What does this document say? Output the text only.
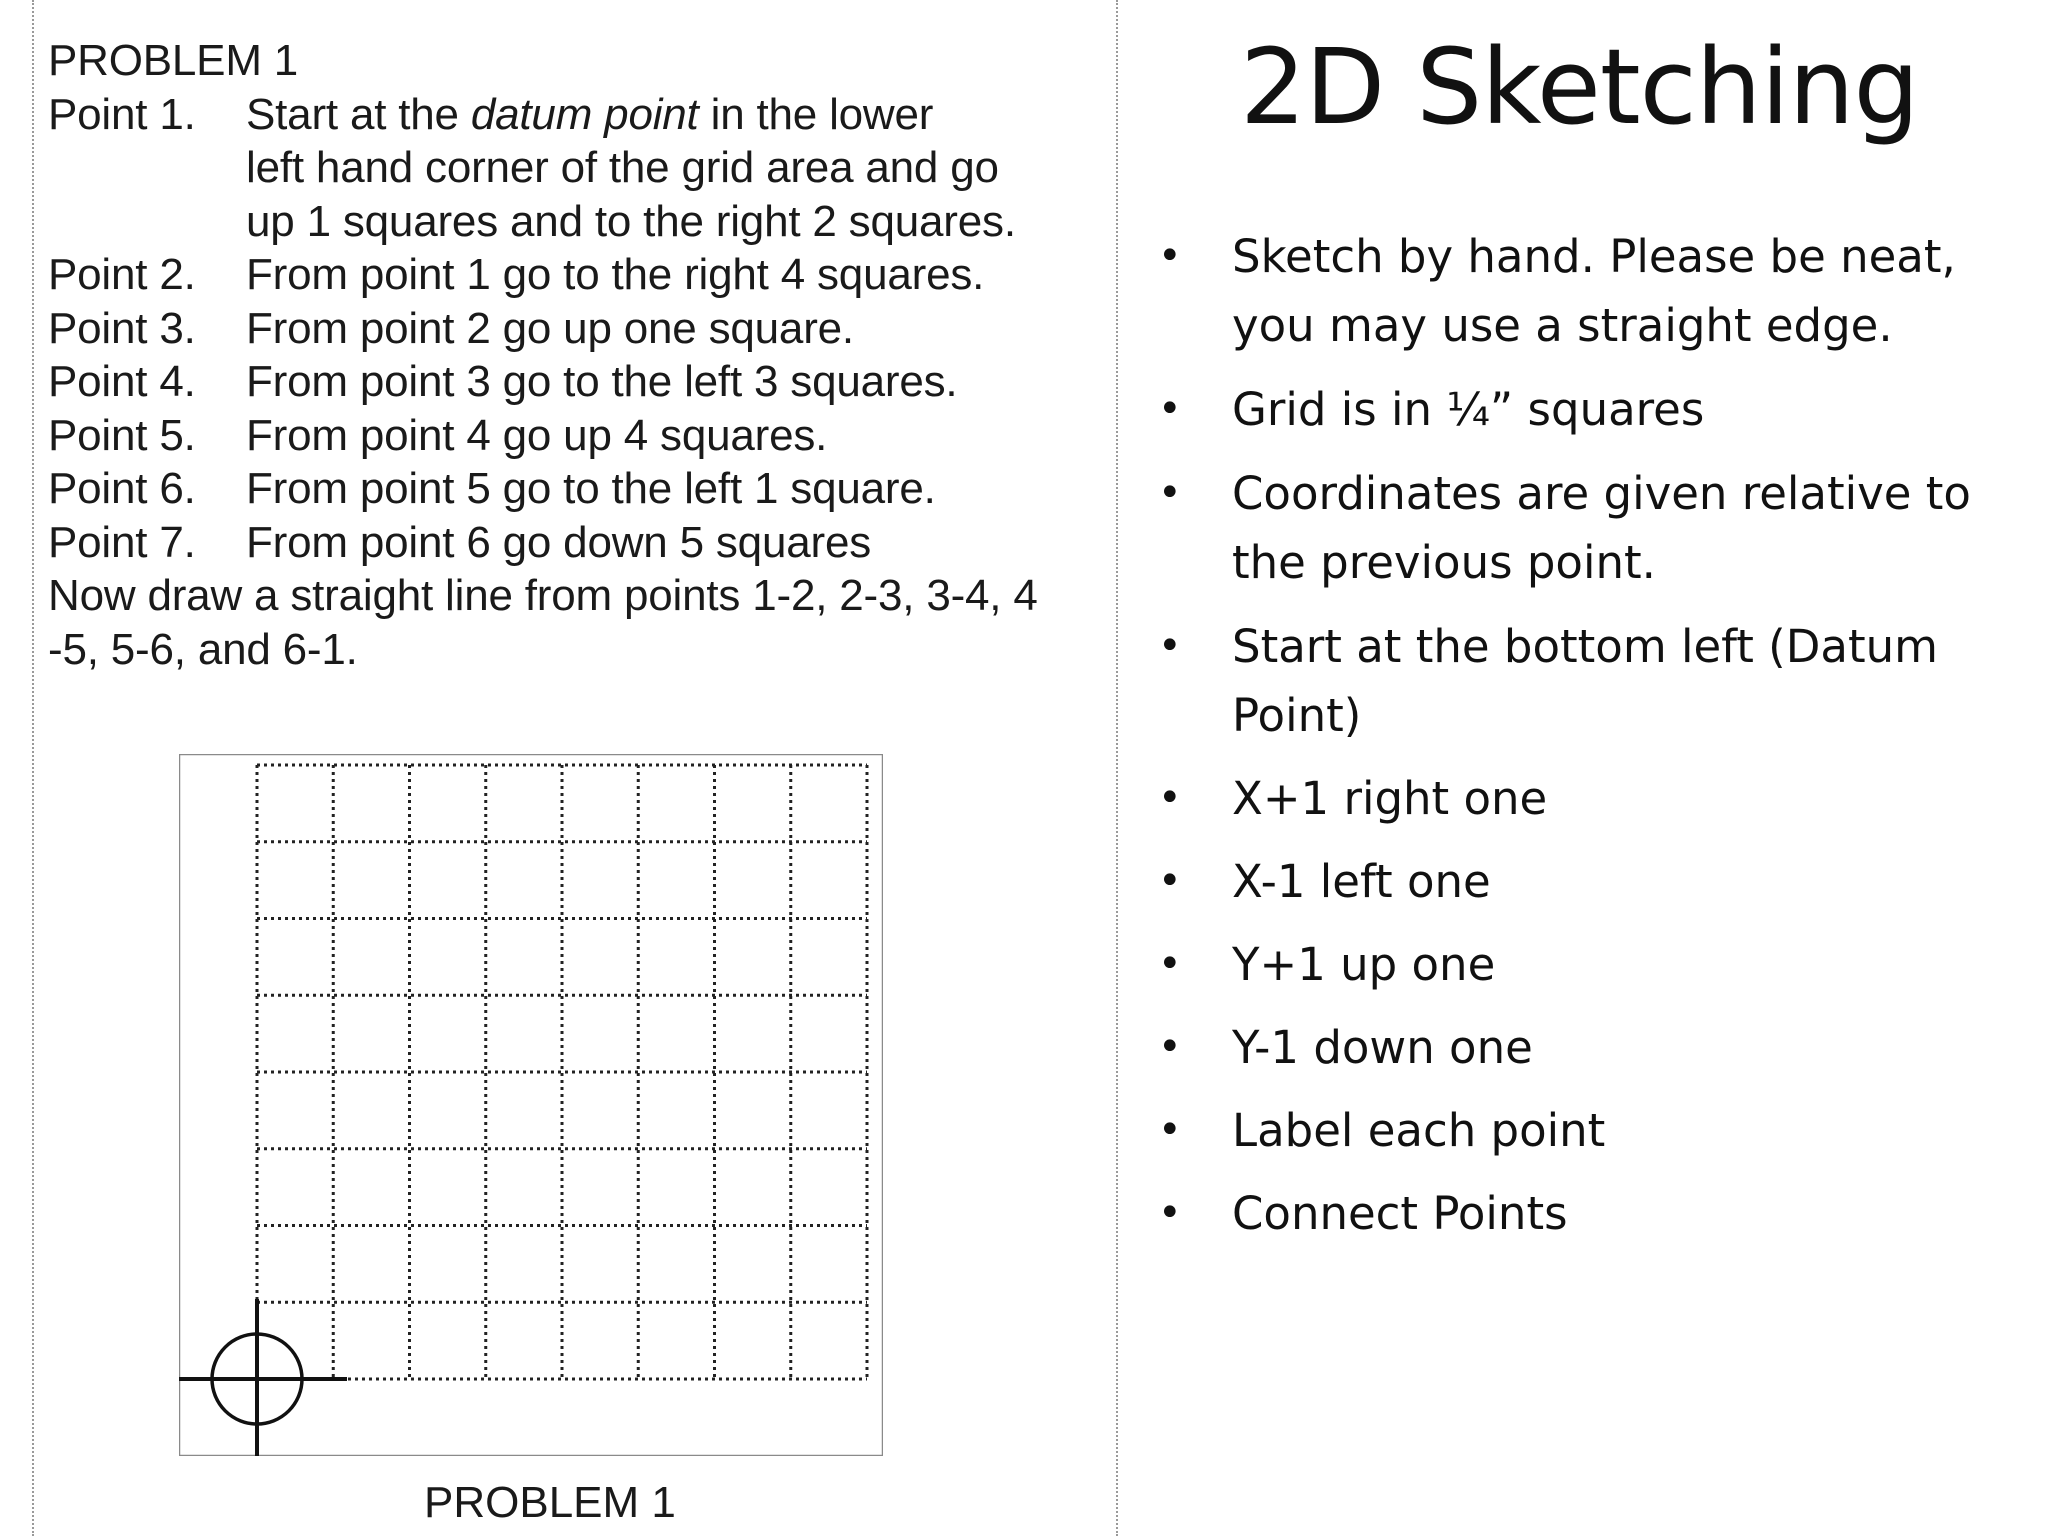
PROBLEM 1
Point 1.	Start at the datum point in the lower
left hand corner of the grid area and go
up 1 squares and to the right 2 squares.
Point 2.	From point 1 go to the right 4 squares.
Point 3.	From point 2 go up one square.
Point 4.	From point 3 go to the left 3 squares.
Point 5.	From point 4 go up 4 squares.
Point 6.	From point 5 go to the left 1 square.
Point 7.	From point 6 go down 5 squares
Now draw a straight line from points 1-2, 2-3, 3-4, 4
-5, 5-6, and 6-1.
PROBLEM 1
2D Sketching
• Sketch by hand. Please be neat, you may use a straight edge.
• Grid is in ¼” squares
• Coordinates are given relative to the previous point.
• Start at the bottom left (Datum Point)
• X+1 right one
• X-1 left one
• Y+1 up one
• Y-1 down one
• Label each point
• Connect Points
